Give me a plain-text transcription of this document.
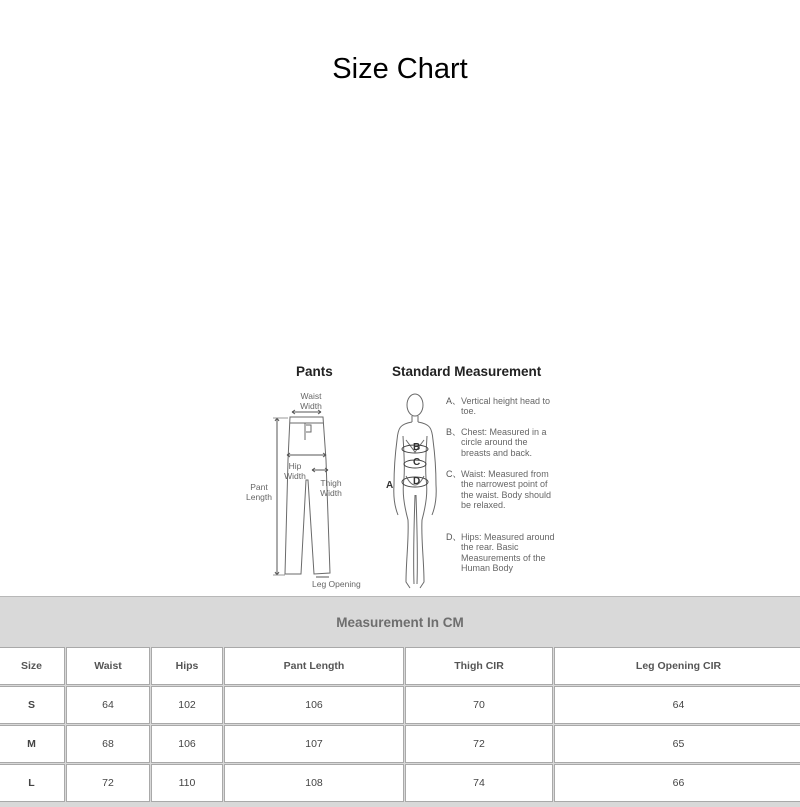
Size Chart
Pants	Standard Measurement
Waist Width
Hip Width
Thigh Width
Pant Length
Leg Opening
A
B
C
D
A、 Vertical height head to toe.
B、 Chest: Measured in a circle around the breasts and back.
C、 Waist: Measured from the narrowest point of the waist. Body should be relaxed.
D、 Hips: Measured around the rear. Basic Measurements of the Human Body
Measurement In CM
Size	Waist	Hips	Pant Length	Thigh CIR	Leg Opening CIR
S	64	102	106	70	64
M	68	106	107	72	65
L	72	110	108	74	66
